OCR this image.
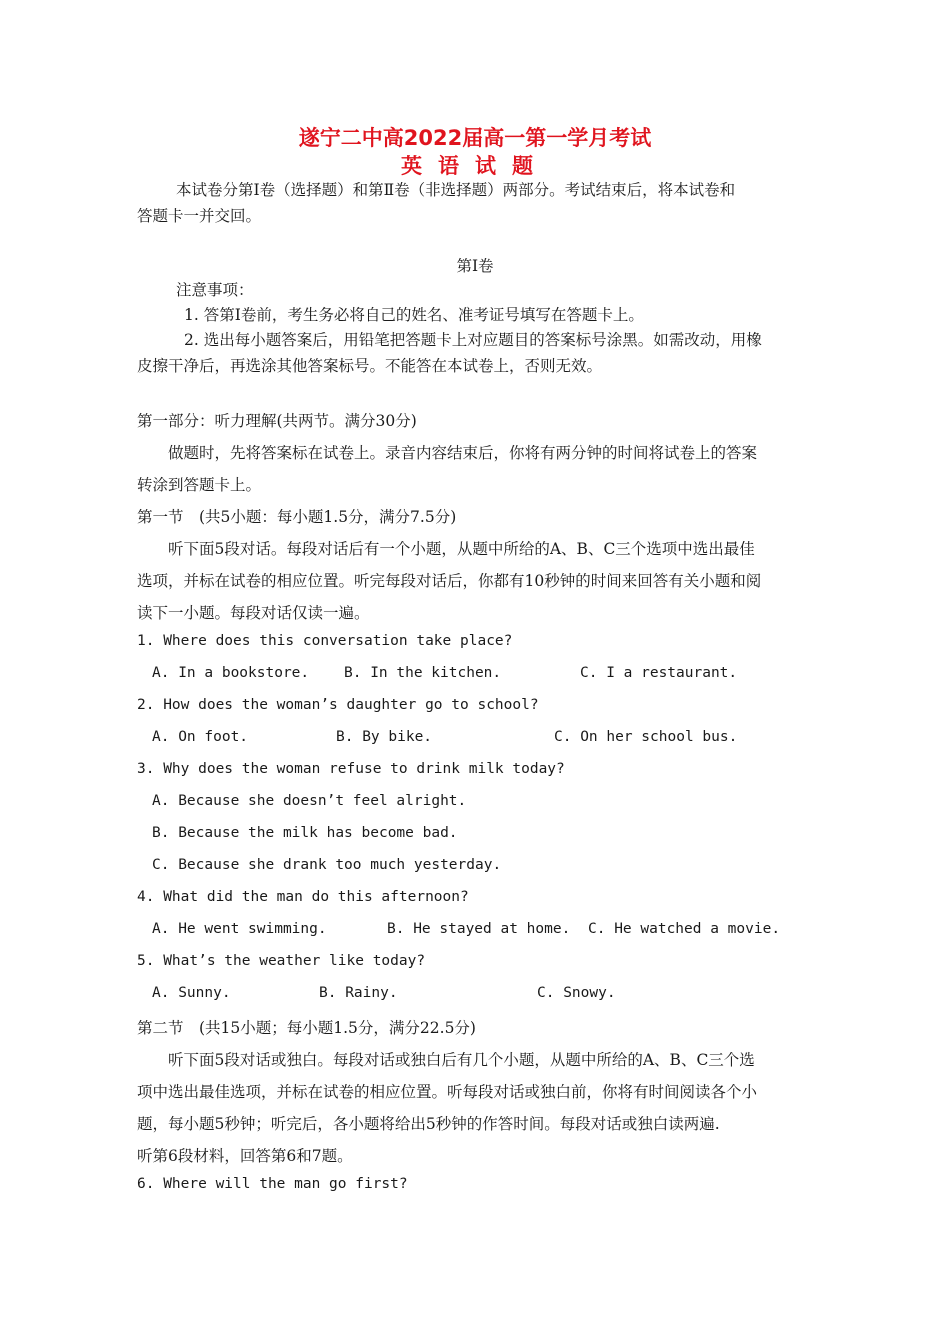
遂宁二中高2022届高一第一学月考试
英语试题
本试卷分第Ⅰ卷（选择题）和第Ⅱ卷（非选择题）两部分。考试结束后，将本试卷和
答题卡一并交回。
第Ⅰ卷
注意事项：
1. 答第Ⅰ卷前，考生务必将自己的姓名、准考证号填写在答题卡上。
2. 选出每小题答案后，用铅笔把答题卡上对应题目的答案标号涂黑。如需改动，用橡
皮擦干净后，再选涂其他答案标号。不能答在本试卷上，否则无效。
第一部分：听力理解(共两节。满分30分)
做题时，先将答案标在试卷上。录音内容结束后，你将有两分钟的时间将试卷上的答案
转涂到答题卡上。
第一节　(共5小题：每小题1.5分，满分7.5分)
听下面5段对话。每段对话后有一个小题，从题中所给的A、B、C三个选项中选出最佳
选项，并标在试卷的相应位置。听完每段对话后，你都有10秒钟的时间来回答有关小题和阅
读下一小题。每段对话仅读一遍。
1. Where does this conversation take place?
A. In a bookstore. B. In the kitchen.	C. I a restaurant.
2. How does the woman’s daughter go to school?
A. On foot.	B. By bike.	C. On her school bus.
3. Why does the woman refuse to drink milk today?
A. Because she doesn’t feel alright.
B. Because the milk has become bad.
C. Because she drank too much yesterday.
4. What did the man do this afternoon?
A. He went swimming.	B. He stayed at home. C. He watched a movie.
5. What’s the weather like today?
A. Sunny.	B. Rainy.	C. Snowy.
第二节　(共15小题；每小题1.5分，满分22.5分)
听下面5段对话或独白。每段对话或独白后有几个小题，从题中所给的A、B、C三个选
项中选出最佳选项，并标在试卷的相应位置。听每段对话或独白前，你将有时间阅读各个小
题，每小题5秒钟；听完后，各小题将给出5秒钟的作答时间。每段对话或独白读两遍.
听第6段材料，回答第6和7题。
6. Where will the man go first?
